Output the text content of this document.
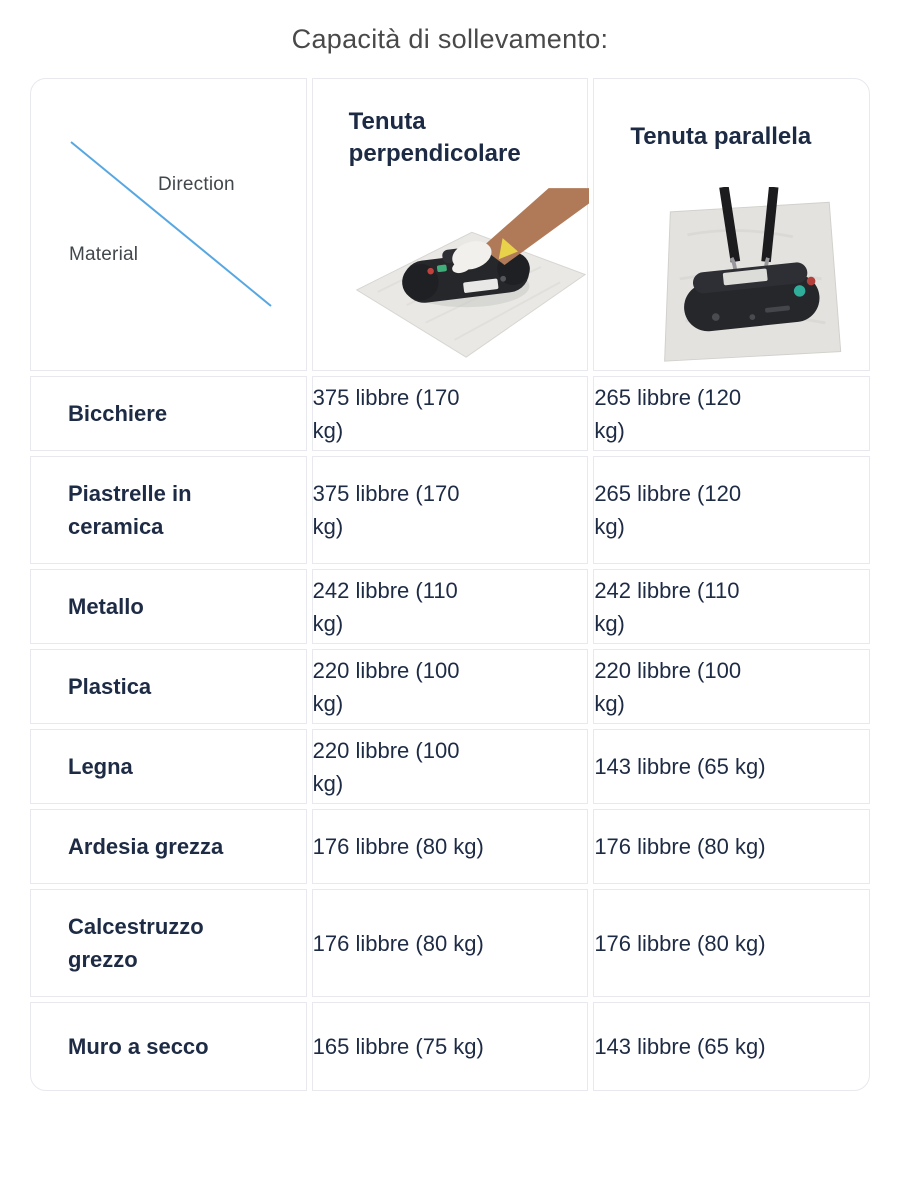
Capacità di sollevamento:
Direction
Material	Tenuta perpendicolare	Tenuta parallela

Bicchiere	375 libbre (170 kg)	265 libbre (120 kg)
Piastrelle in ceramica	375 libbre (170 kg)	265 libbre (120 kg)
Metallo	242 libbre (110 kg)	242 libbre (110 kg)
Plastica	220 libbre (100 kg)	220 libbre (100 kg)
Legna	220 libbre (100 kg)	143 libbre (65 kg)
Ardesia grezza	176 libbre (80 kg)	176 libbre (80 kg)
Calcestruzzo grezzo	176 libbre (80 kg)	176 libbre (80 kg)
Muro a secco	165 libbre (75 kg)	143 libbre (65 kg)
